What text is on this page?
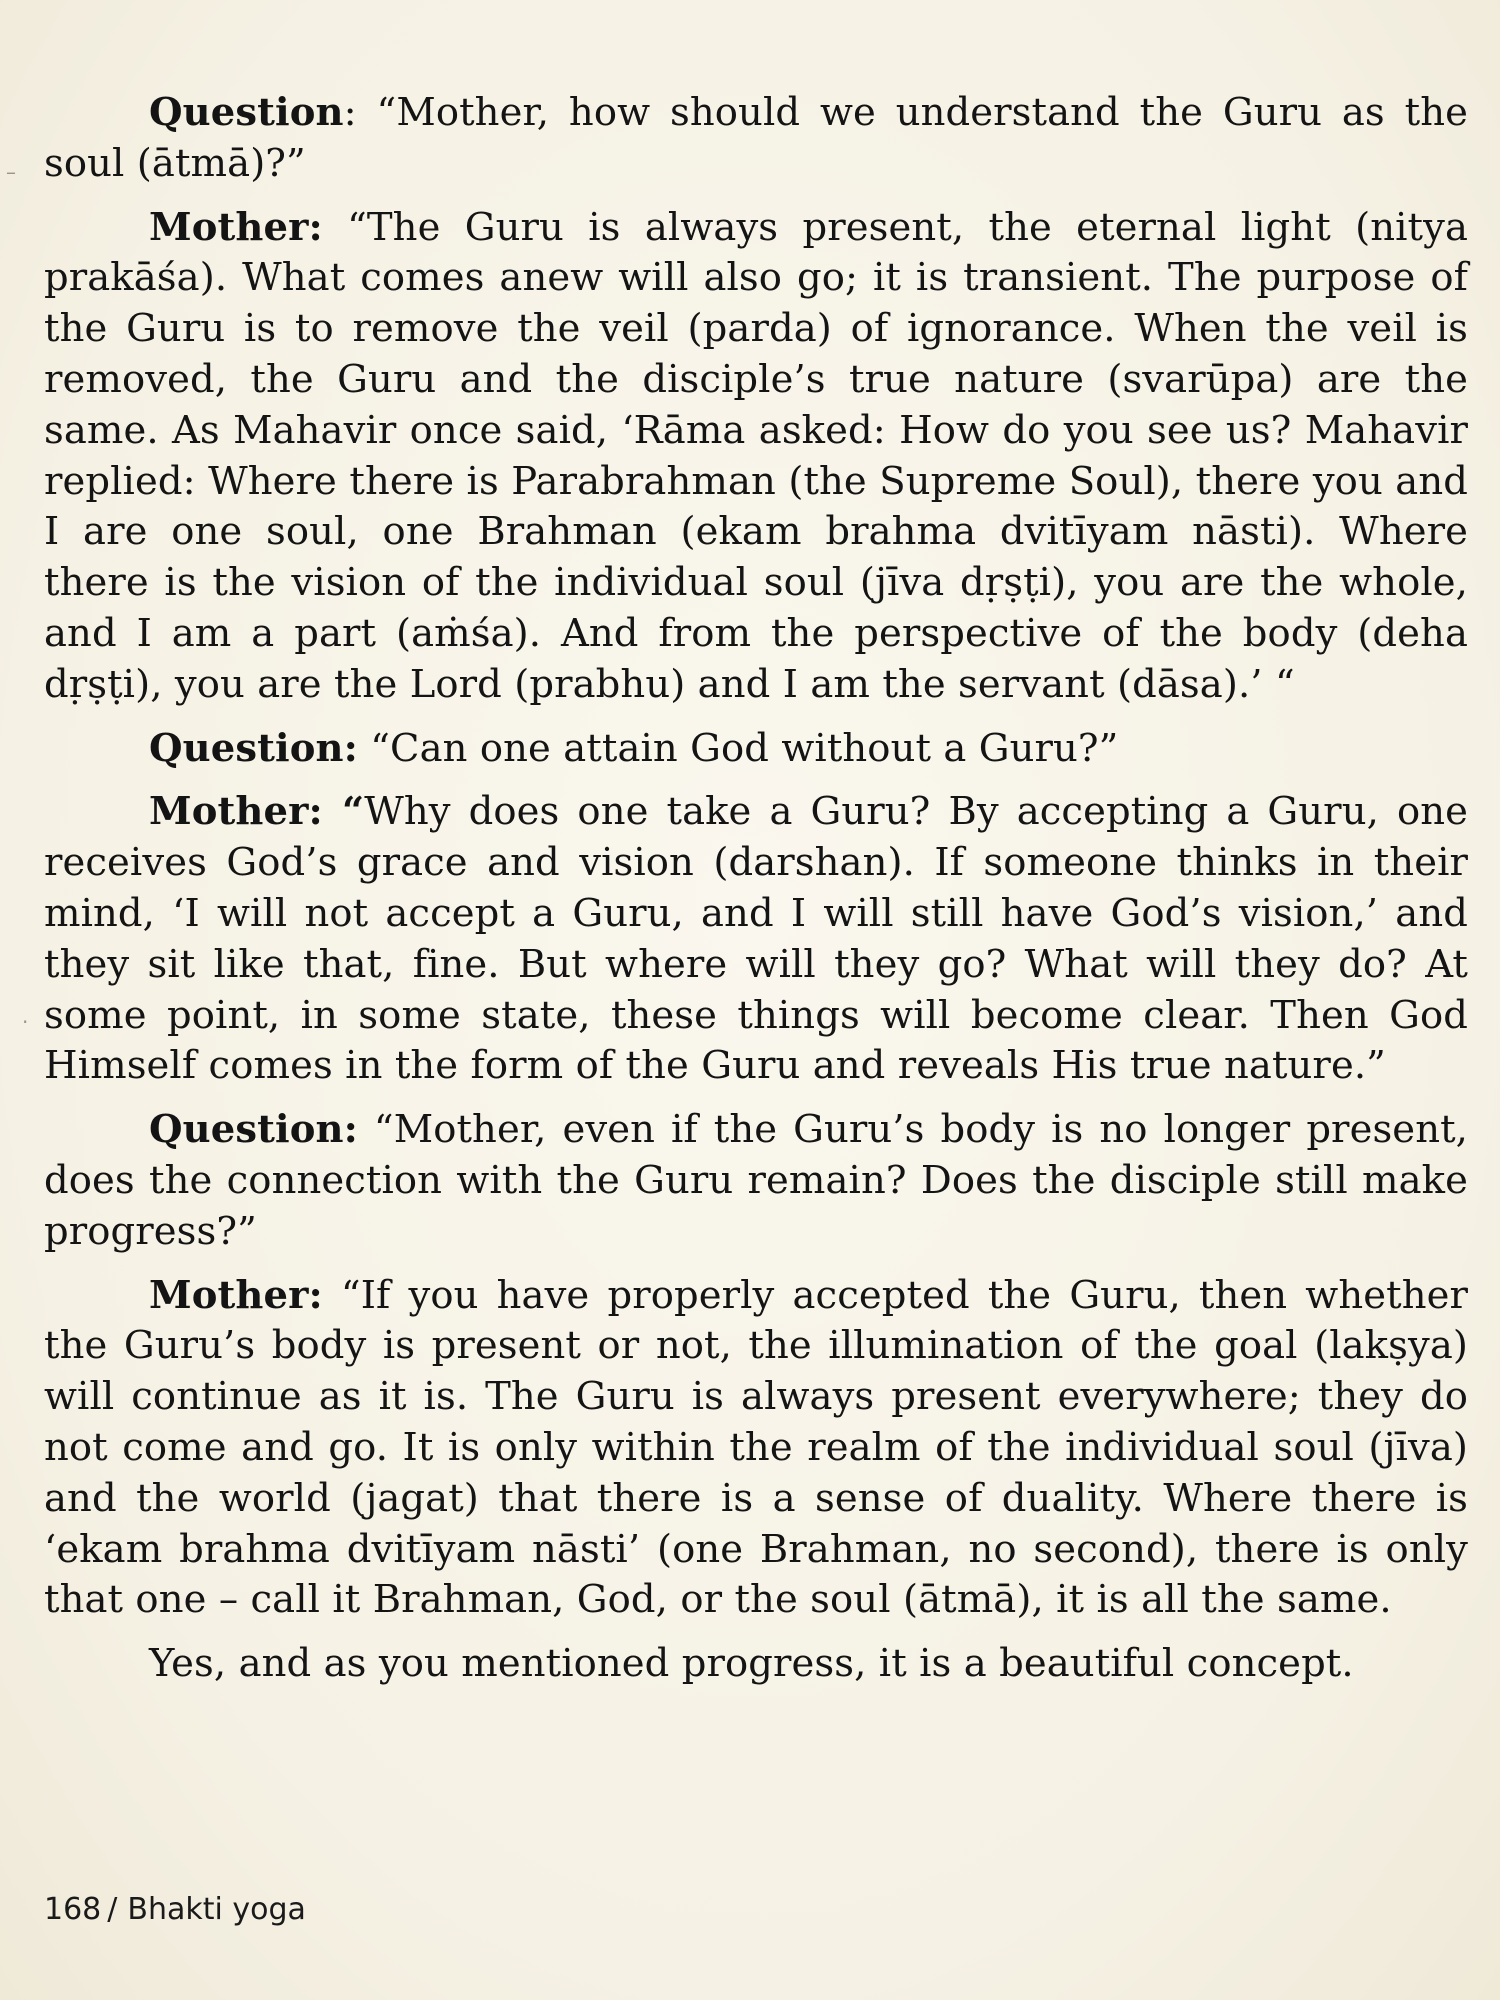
Question: “Mother, how should we understand the Guru as the soul (ātmā)?”

Mother: “The Guru is always present, the eternal light (nitya prakāśa). What comes anew will also go; it is transient. The purpose of the Guru is to remove the veil (parda) of ignorance. When the veil is removed, the Guru and the disciple’s true nature (svarūpa) are the same. As Mahavir once said, ‘Rāma asked: How do you see us? Mahavir replied: Where there is Parabrahman (the Supreme Soul), there you and I are one soul, one Brahman (ekam brahma dvitīyam nāsti). Where there is the vision of the individual soul (jīva dṛṣṭi), you are the whole, and I am a part (aṁśa). And from the perspective of the body (deha dṛṣṭi), you are the Lord (prabhu) and I am the servant (dāsa).’ “

Question: “Can one attain God without a Guru?”

Mother: “Why does one take a Guru? By accepting a Guru, one receives God’s grace and vision (darshan). If someone thinks in their mind, ‘I will not accept a Guru, and I will still have God’s vision,’ and they sit like that, fine. But where will they go? What will they do? At some point, in some state, these things will become clear. Then God Himself comes in the form of the Guru and reveals His true nature.”

Question: “Mother, even if the Guru’s body is no longer present, does the connection with the Guru remain? Does the disciple still make progress?”

Mother: “If you have properly accepted the Guru, then whether the Guru’s body is present or not, the illumination of the goal (lakṣya) will continue as it is. The Guru is always present everywhere; they do not come and go. It is only within the realm of the individual soul (jīva) and the world (jagat) that there is a sense of duality. Where there is ‘ekam brahma dvitīyam nāsti’ (one Brahman, no second), there is only that one – call it Brahman, God, or the soul (ātmā), it is all the same.

Yes, and as you mentioned progress, it is a beautiful concept.

168 / Bhakti yoga
–
·
